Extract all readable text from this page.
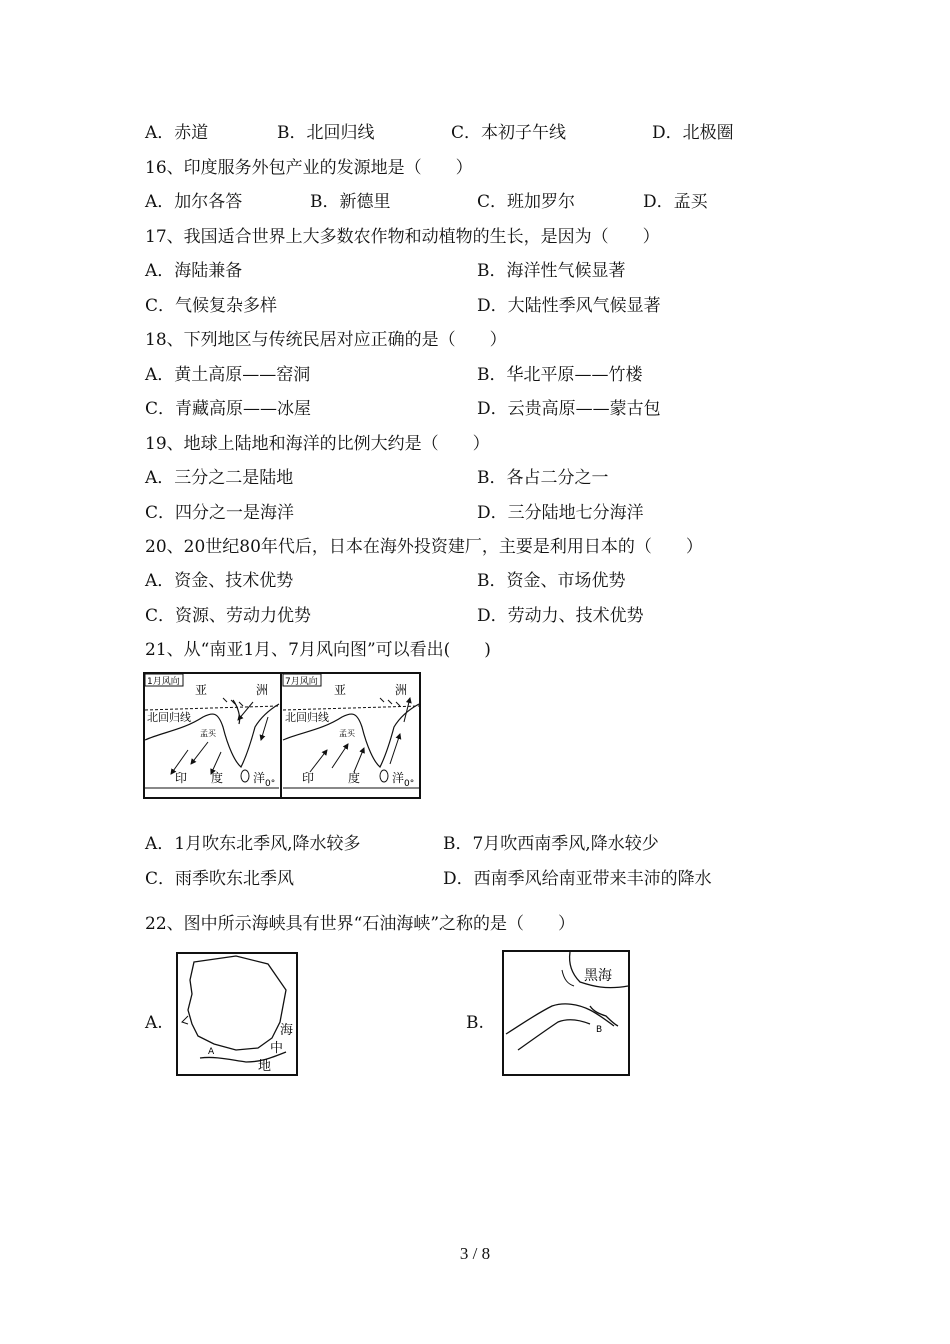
A．赤道	B．北回归线	C．本初子午线	D．北极圈
16、印度服务外包产业的发源地是（　　）
A．加尔各答	B．新德里	C．班加罗尔	D．孟买
17、我国适合世界上大多数农作物和动植物的生长，是因为（　　）
A．海陆兼备	B．海洋性气候显著
C．气候复杂多样	D．大陆性季风气候显著
18、下列地区与传统民居对应正确的是（　　）
A．黄土高原——窑洞	B．华北平原——竹楼
C．青藏高原——冰屋	D．云贵高原——蒙古包
19、地球上陆地和海洋的比例大约是（　　）
A．三分之二是陆地	B．各占二分之一
C．四分之一是海洋	D．三分陆地七分海洋
20、20世纪80年代后，日本在海外投资建厂，主要是利用日本的（　　）
A．资金、技术优势	B．资金、市场优势
C．资源、劳动力优势	D．劳动力、技术优势
21、从“南亚1月、7月风向图”可以看出(　　)
1月风向
亚	洲
北回归线
孟买
印 度 洋 0°
7月风向
亚	洲
北回归线
孟买
印	度	洋 0°
A．1月吹东北季风,降水较多	B．7月吹西南季风,降水较少
C．雨季吹东北季风	D．西南季风给南亚带来丰沛的降水
22、图中所示海峡具有世界“石油海峡”之称的是（　　）
A.	海
中
地
A
B.
黑海
B
3 / 8
